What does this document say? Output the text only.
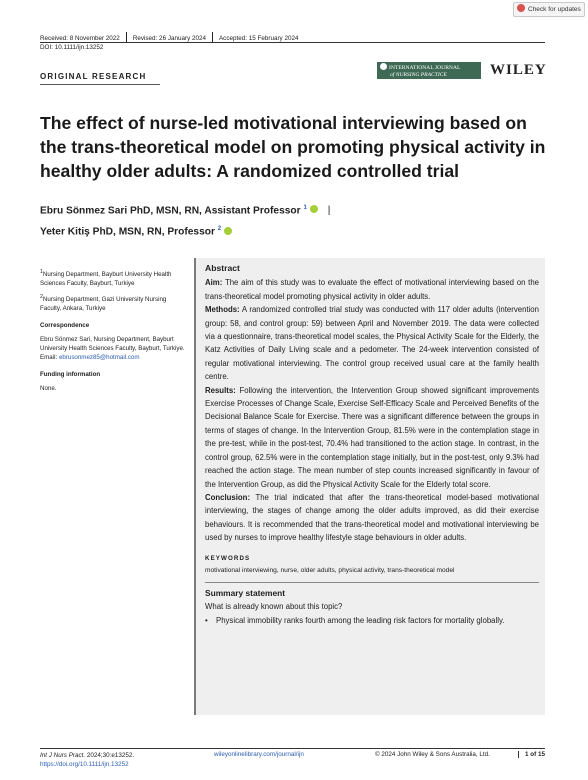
Check for updates
Received: 8 November 2022 Revised: 26 January 2024 Accepted: 15 February 2024
DOI: 10.1111/ijn.13252
ORIGINAL RESEARCH
INTERNATIONAL JOURNAL
of NURSING PRACTICE	WILEY
The effect of nurse-led motivational interviewing based on the trans-theoretical model on promoting physical activity in healthy older adults: A randomized controlled trial
Ebru Sönmez Sari PhD, MSN, RN, Assistant Professor $^1$ |
Yeter Kitiş PhD, MSN, RN, Professor $^2$

$^1$Nursing Department, Bayburt University Health Sciences Faculty, Bayburt, Turkiye

$^2$Nursing Department, Gazi University Nursing Faculty, Ankara, Turkiye

Correspondence

Ebru Sönmez Sari, Nursing Department, Bayburt University Health Sciences Faculty, Bayburt, Turkiye.
Email: ebrusonmez85@hotmail.com

Funding information

None.

Abstract

Aim: The aim of this study was to evaluate the effect of motivational interviewing based on the trans-theoretical model promoting physical activity in older adults.

Methods: A randomized controlled trial study was conducted with 117 older adults (intervention group: 58, and control group: 59) between April and November 2019. The data were collected via a questionnaire, trans-theoretical model scales, the Physical Activity Scale for the Elderly, the Katz Activities of Daily Living scale and a pedometer. The 24-week intervention consisted of regular motivational interviewing. The control group received usual care at the family health centre.

Results: Following the intervention, the Intervention Group showed significant improvements Exercise Processes of Change Scale, Exercise Self-Efficacy Scale and Perceived Benefits of the Decisional Balance Scale for Exercise. There was a significant difference between the groups in terms of stages of change. In the Intervention Group, 81.5% were in the contemplation stage in the pre-test, while in the post-test, 70.4% had transitioned to the action stage. In contrast, in the control group, 62.5% were in the contemplation stage initially, but in the post-test, only 9.3% had reached the action stage. The mean number of step counts increased significantly in favour of the Intervention Group, as did the Physical Activity Scale for the Elderly total score.

Conclusion: The trial indicated that after the trans-theoretical model-based motivational interviewing, the stages of change among the older adults improved, as did their exercise behaviours. It is recommended that the trans-theoretical model and motivational interviewing be used by nurses to improve healthy lifestyle stage behaviours in older adults.

KEYWORDS
motivational interviewing, nurse, older adults, physical activity, trans-theoretical model
Summary statement
What is already known about this topic?
• Physical immobility ranks fourth among the leading risk factors for mortality globally.
Int J Nurs Pract. 2024;30:e13252.
https://doi.org/10.1111/ijn.13252
wileyonlinelibrary.com/journal/ijn	© 2024 John Wiley & Sons Australia, Ltd.	1 of 15
